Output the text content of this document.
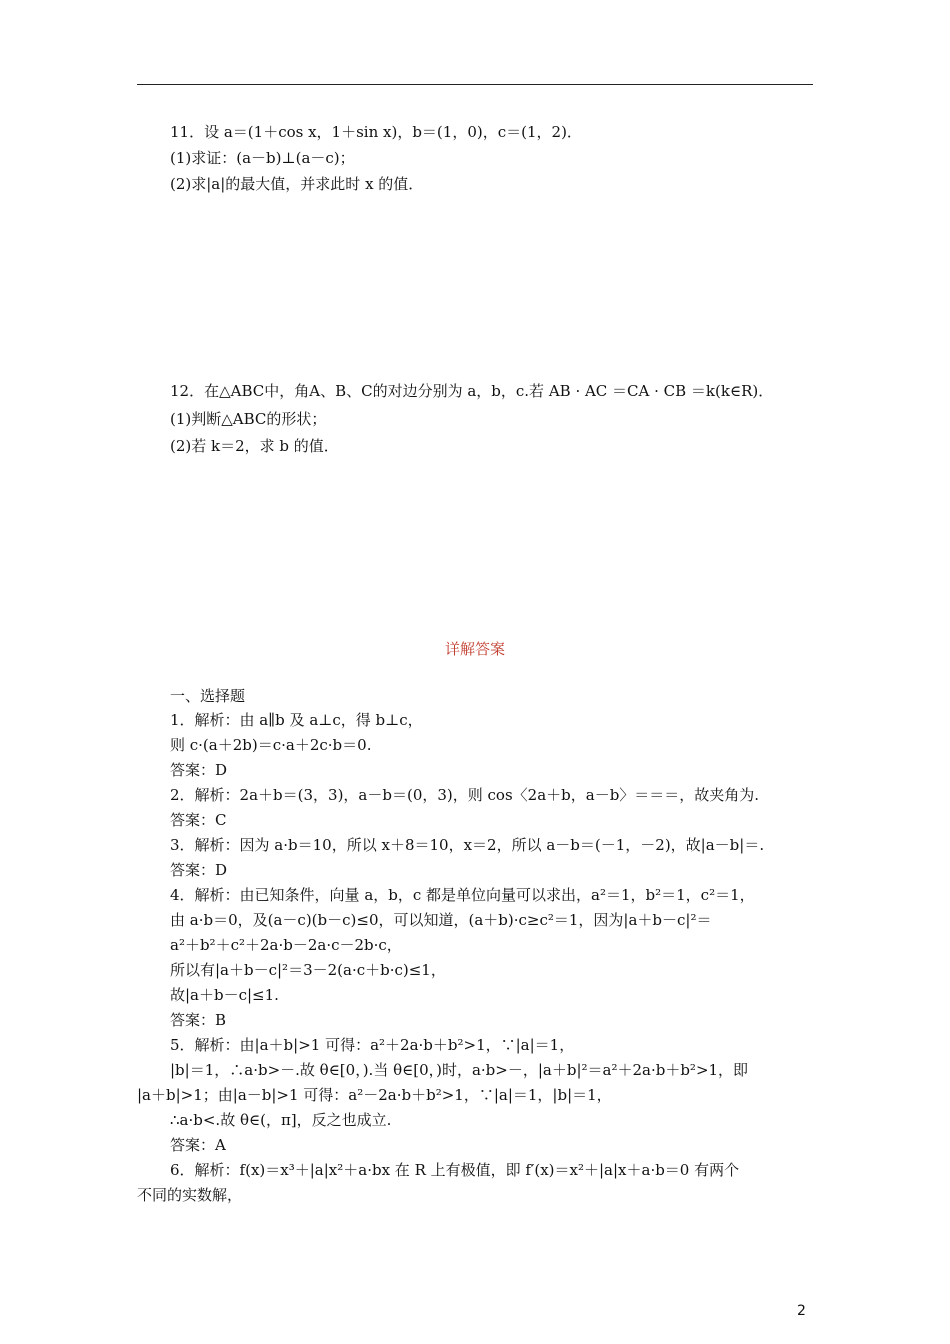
11．设 a＝(1＋cos x，1＋sin x)，b＝(1，0)，c＝(1，2)．
(1)求证：(a－b)⊥(a－c)；
(2)求|a|的最大值，并求此时 x 的值．
12．在△ABC中，角A、B、C的对边分别为 a，b，c.若 AB · AC ＝CA · CB ＝k(k∈R)．
(1)判断△ABC的形状；
(2)若 k＝2，求 b 的值．
详解答案
一、选择题
1．解析：由 a∥b 及 a⊥c，得 b⊥c，
则 c·(a＋2b)＝c·a＋2c·b＝0.
答案：D
2．解析：2a＋b＝(3，3)，a－b＝(0，3)，则 cos〈2a＋b，a－b〉＝＝＝，故夹角为.
答案：C
3．解析：因为 a·b＝10，所以 x＋8＝10，x＝2，所以 a－b＝(－1，－2)，故|a－b|＝.
答案：D
4．解析：由已知条件，向量 a，b，c 都是单位向量可以求出，a²＝1，b²＝1，c²＝1，
由 a·b＝0，及(a－c)(b－c)≤0，可以知道，(a＋b)·c≥c²＝1，因为|a＋b－c|²＝
a²＋b²＋c²＋2a·b－2a·c－2b·c，
所以有|a＋b－c|²＝3－2(a·c＋b·c)≤1，
故|a＋b－c|≤1.
答案：B
5．解析：由|a＋b|>1 可得：a²＋2a·b＋b²>1，∵|a|＝1，
|b|＝1，∴a·b>－.故 θ∈[0，).当 θ∈[0，)时，a·b>－，|a＋b|²＝a²＋2a·b＋b²>1，即
|a＋b|>1；由|a－b|>1 可得：a²－2a·b＋b²>1，∵|a|＝1，|b|＝1，
∴a·b<.故 θ∈(，π]，反之也成立.
答案：A
6．解析：f(x)＝x³＋|a|x²＋a·bx 在 R 上有极值，即 f′(x)＝x²＋|a|x＋a·b＝0 有两个
不同的实数解，
2
